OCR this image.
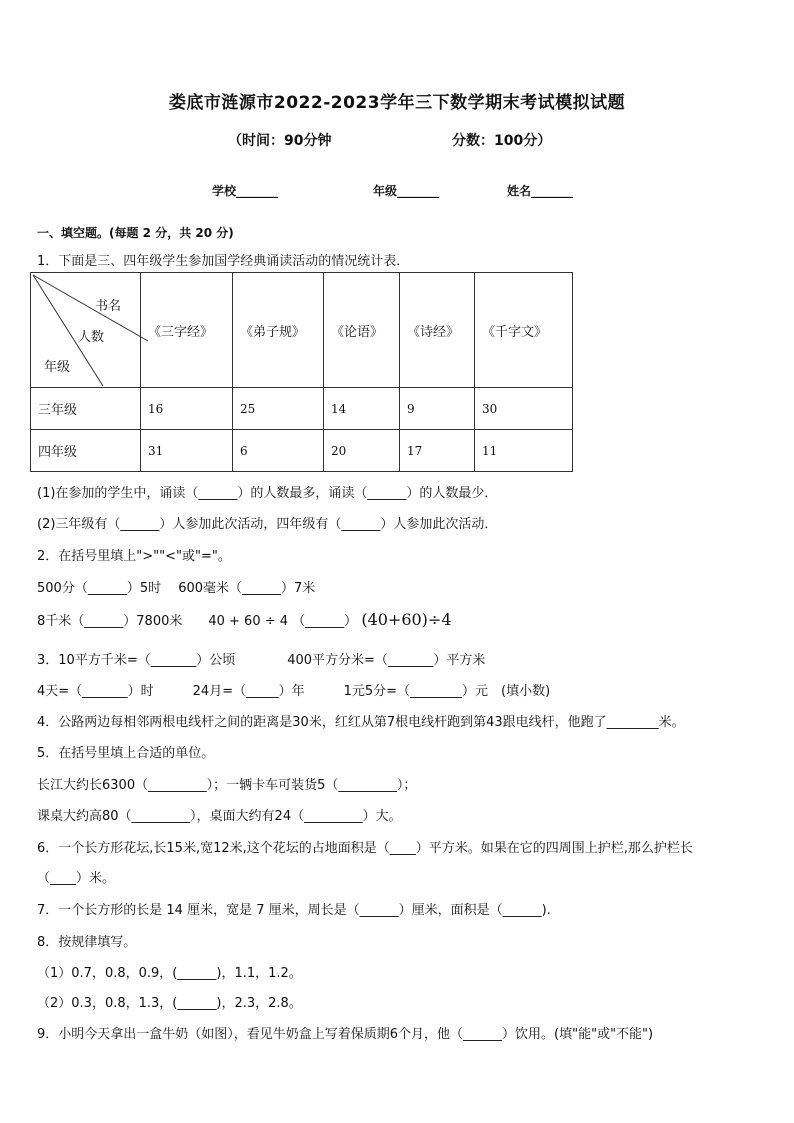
娄底市涟源市2022-2023学年三下数学期末考试模拟试题
（时间：90分钟	分数：100分）
学校_______	年级_______	姓名_______
一、填空题。(每题 2 分，共 20 分)
1．下面是三、四年级学生参加国学经典诵读活动的情况统计表．
书名
人数
年级	《三字经》	《弟子规》	《论语》	《诗经》	《千字文》
三年级	16	25	14	9	30
四年级	31	6	20	17	11
(1)在参加的学生中，诵读（______）的人数最多，诵读（______）的人数最少．
(2)三年级有（______）人参加此次活动，四年级有（______）人参加此次活动．
2．在括号里填上">""<"或"="。
500分（______）5时　 600毫米（______）7米
8千米（______）7800米　　40 + 60 ÷ 4 （______） (40+60)÷4
3．10平方千米=（_______）公顷　　　　400平方分米=（_______）平方米
4天=（_______）时　　　24月=（_____）年　　　1元5分=（________）元　(填小数)
4．公路两边每相邻两根电线杆之间的距离是30米，红红从第7根电线杆跑到第43跟电线杆，他跑了________米。
5．在括号里填上合适的单位。
长江大约长6300（_________）；一辆卡车可装货5（_________）；
课桌大约高80（_________），桌面大约有24（_________）大。
6．一个长方形花坛,长15米,宽12米,这个花坛的占地面积是（____）平方米。如果在它的四周围上护栏,那么护栏长
（____）米。
7．一个长方形的长是 14 厘米，宽是 7 厘米，周长是（______）厘米，面积是（______).
8．按规律填写。
（1）0.7，0.8，0.9，(______)，1.1，1.2。
（2）0.3，0.8，1.3，(______)，2.3，2.8。
9．小明今天拿出一盒牛奶（如图），看见牛奶盒上写着保质期6个月，他（______）饮用。(填"能"或"不能")
